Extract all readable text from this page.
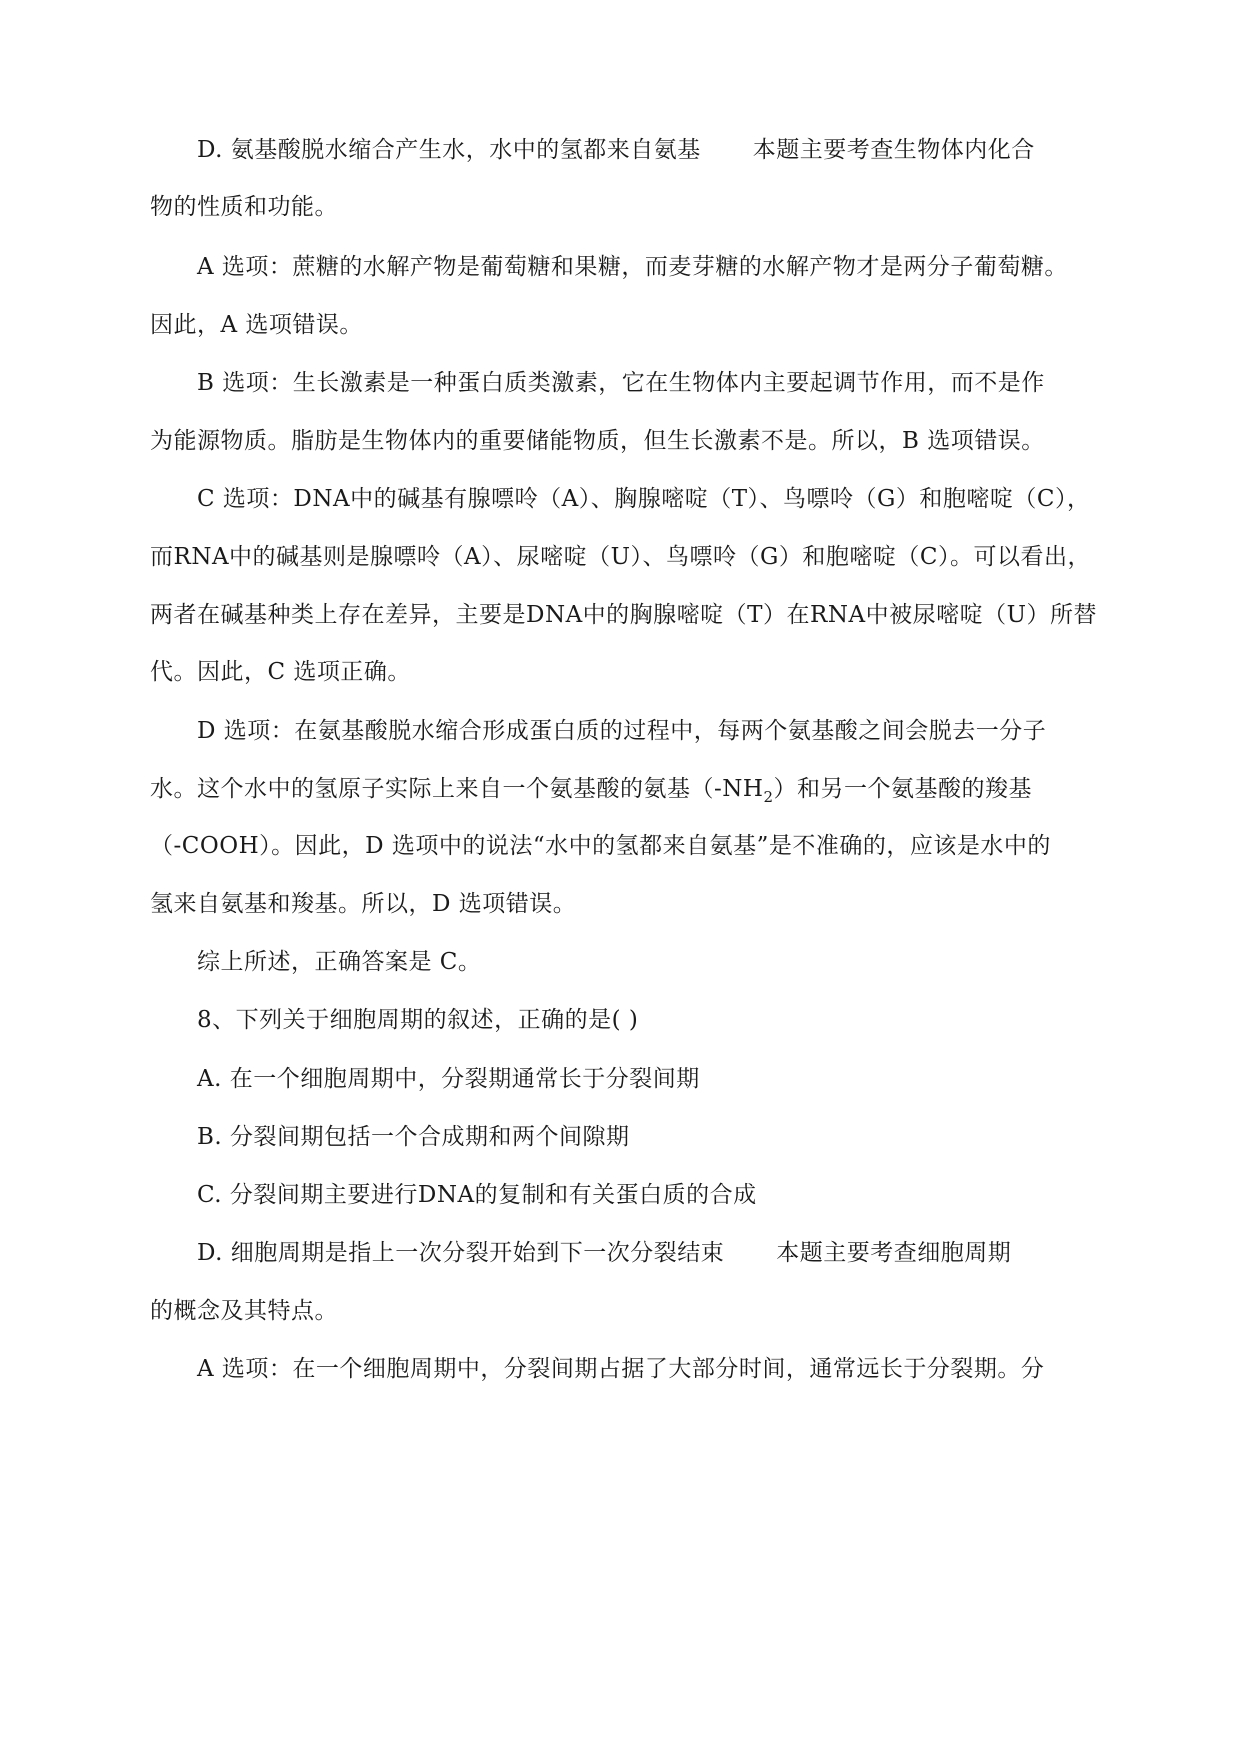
D. 氨基酸脱水缩合产生水，水中的氢都来自氨基 本题主要考查生物体内化合
物的性质和功能。
A 选项：蔗糖的水解产物是葡萄糖和果糖，而麦芽糖的水解产物才是两分子葡萄糖。
因此，A 选项错误。
B 选项：生长激素是一种蛋白质类激素，它在生物体内主要起调节作用，而不是作
为能源物质。脂肪是生物体内的重要储能物质，但生长激素不是。所以，B 选项错误。
C 选项：DNA中的碱基有腺嘌呤（A）、胸腺嘧啶（T）、鸟嘌呤（G）和胞嘧啶（C），
而RNA中的碱基则是腺嘌呤（A）、尿嘧啶（U）、鸟嘌呤（G）和胞嘧啶（C）。可以看出，
两者在碱基种类上存在差异，主要是DNA中的胸腺嘧啶（T）在RNA中被尿嘧啶（U）所替
代。因此，C 选项正确。
D 选项：在氨基酸脱水缩合形成蛋白质的过程中，每两个氨基酸之间会脱去一分子
水。这个水中的氢原子实际上来自一个氨基酸的氨基$(-NH_2)$和另一个氨基酸的羧基
（-COOH）。因此，D 选项中的说法“水中的氢都来自氨基”是不准确的，应该是水中的
氢来自氨基和羧基。所以，D 选项错误。
综上所述，正确答案是 C。
8、下列关于细胞周期的叙述，正确的是( )
A. 在一个细胞周期中，分裂期通常长于分裂间期
B. 分裂间期包括一个合成期和两个间隙期
C. 分裂间期主要进行DNA的复制和有关蛋白质的合成
D. 细胞周期是指上一次分裂开始到下一次分裂结束 本题主要考查细胞周期
的概念及其特点。
A 选项：在一个细胞周期中，分裂间期占据了大部分时间，通常远长于分裂期。分
